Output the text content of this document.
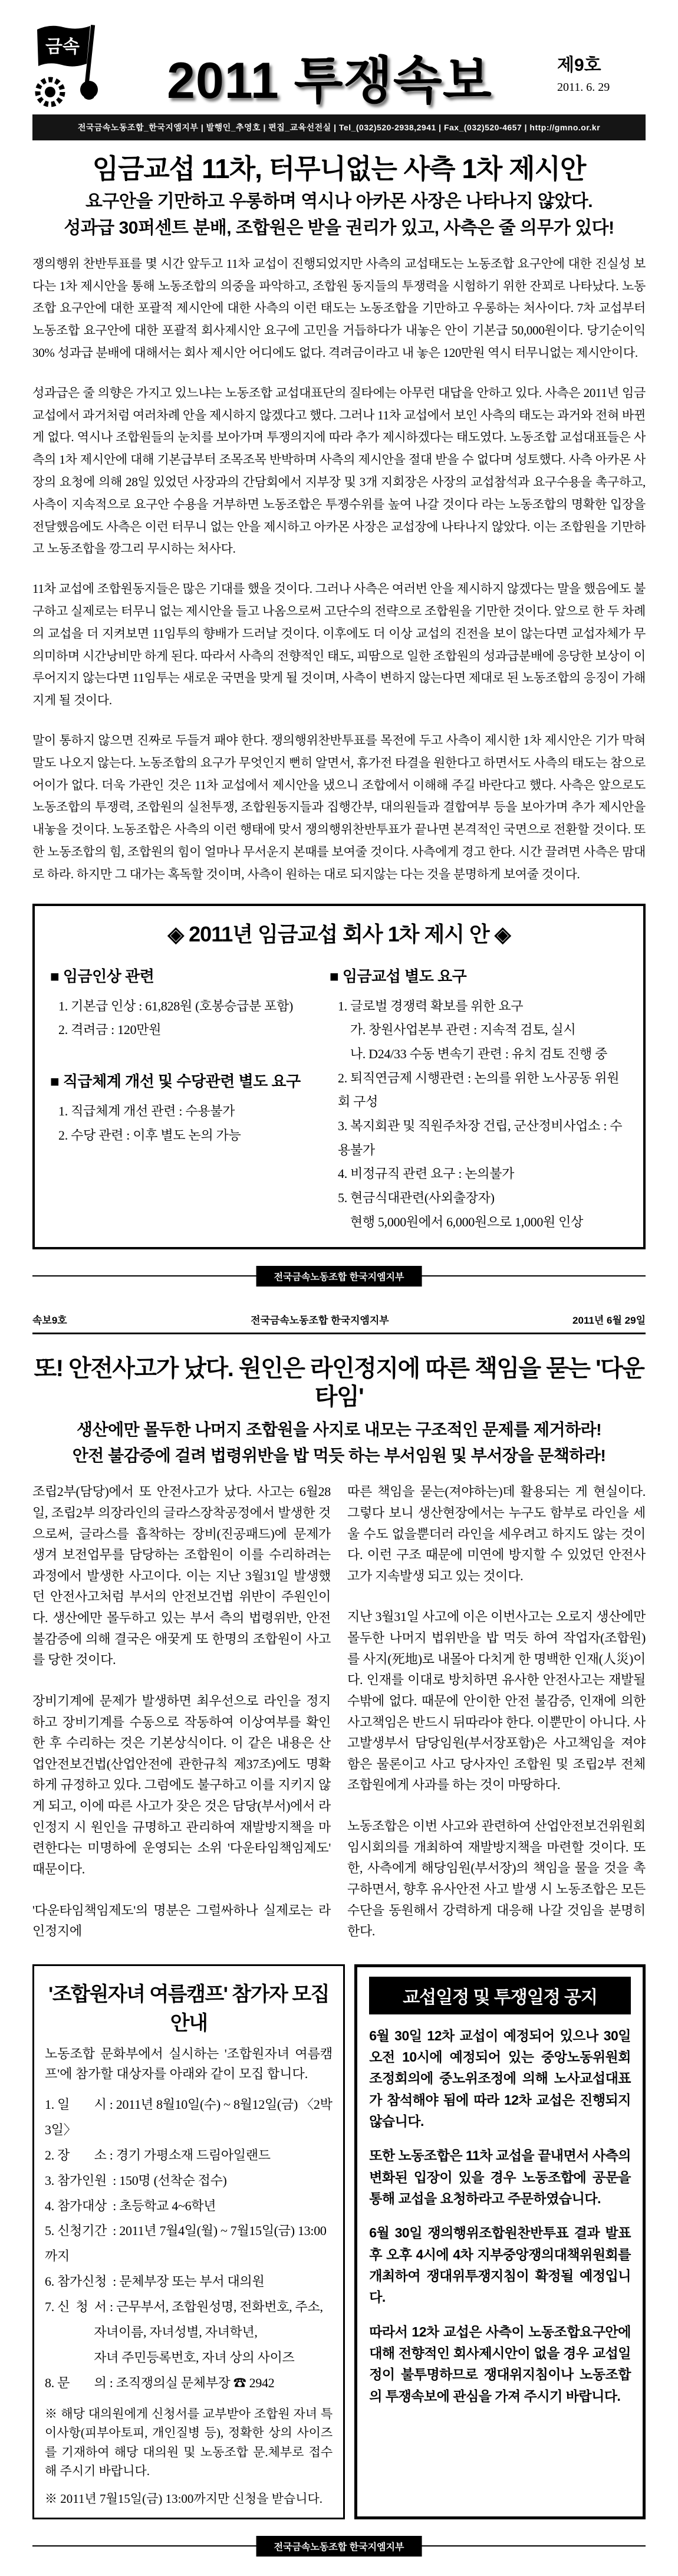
금속
2011 투쟁속보	제9호
2011. 6. 29
전국금속노동조합_한국지엠지부 | 발행인_추영호 | 편집_교육선전실 | Tel_(032)520-2938,2941 | Fax_(032)520-4657 | http://gmno.or.kr
임금교섭 11차, 터무니없는 사측 1차 제시안
요구안을 기만하고 우롱하며 역시나 아카몬 사장은 나타나지 않았다.
성과급 30퍼센트 분배, 조합원은 받을 권리가 있고, 사측은 줄 의무가 있다!
쟁의행위 찬반투표를 몇 시간 앞두고 11차 교섭이 진행되었지만 사측의 교섭태도는 노동조합 요구안에 대한 진실성 보다는 1차 제시안을 통해 노동조합의 의중을 파악하고, 조합원 동지들의 투쟁력을 시험하기 위한 잔꾀로 나타났다. 노동조합 요구안에 대한 포괄적 제시안에 대한 사측의 이런 태도는 노동조합을 기만하고 우롱하는 처사이다. 7차 교섭부터 노동조합 요구안에 대한 포괄적 회사제시안 요구에 고민을 거듭하다가 내놓은 안이 기본급 50,000원이다. 당기순이익 30% 성과급 분배에 대해서는 회사 제시안 어디에도 없다. 격려금이라고 내 놓은 120만원 역시 터무니없는 제시안이다.
성과급은 줄 의향은 가지고 있느냐는 노동조합 교섭대표단의 질타에는 아무런 대답을 안하고 있다. 사측은 2011년 임금교섭에서 과거처럼 여러차례 안을 제시하지 않겠다고 했다. 그러나 11차 교섭에서 보인 사측의 태도는 과거와 전혀 바뀐게 없다. 역시나 조합원들의 눈치를 보아가며 투쟁의지에 따라 추가 제시하겠다는 태도였다. 노동조합 교섭대표들은 사측의 1차 제시안에 대해 기본급부터 조목조목 반박하며 사측의 제시안을 절대 받을 수 없다며 성토했다. 사측 아카몬 사장의 요청에 의해 28일 있었던 사장과의 간담회에서 지부장 및 3개 지회장은 사장의 교섭참석과 요구수용을 촉구하고, 사측이 지속적으로 요구안 수용을 거부하면 노동조합은 투쟁수위를 높여 나갈 것이다 라는 노동조합의 명확한 입장을 전달했음에도 사측은 이런 터무니 없는 안을 제시하고 아카몬 사장은 교섭장에 나타나지 않았다. 이는 조합원을 기만하고 노동조합을 깡그리 무시하는 처사다.
11차 교섭에 조합원동지들은 많은 기대를 했을 것이다. 그러나 사측은 여러번 안을 제시하지 않겠다는 말을 했음에도 불구하고 실제로는 터무니 없는 제시안을 들고 나옴으로써 고단수의 전략으로 조합원을 기만한 것이다. 앞으로 한 두 차례의 교섭을 더 지켜보면 11임투의 향배가 드러날 것이다. 이후에도 더 이상 교섭의 진전을 보이 않는다면 교섭자체가 무의미하며 시간낭비만 하게 된다. 따라서 사측의 전향적인 태도, 피땀으로 일한 조합원의 성과급분배에 응당한 보상이 이루어지지 않는다면 11임투는 새로운 국면을 맞게 될 것이며, 사측이 변하지 않는다면 제대로 된 노동조합의 응징이 가해지게 될 것이다.
말이 통하지 않으면 진짜로 두들겨 패야 한다. 쟁의행위찬반투표를 목전에 두고 사측이 제시한 1차 제시안은 기가 막혀 말도 나오지 않는다. 노동조합의 요구가 무엇인지 뻔히 알면서, 휴가전 타결을 원한다고 하면서도 사측의 태도는 참으로 어이가 없다. 더욱 가관인 것은 11차 교섭에서 제시안을 냈으니 조합에서 이해해 주길 바란다고 했다. 사측은 앞으로도 노동조합의 투쟁력, 조합원의 실천투쟁, 조합원동지들과 집행간부, 대의원들과 결합여부 등을 보아가며 추가 제시안을 내놓을 것이다. 노동조합은 사측의 이런 행태에 맞서 쟁의행위찬반투표가 끝나면 본격적인 국면으로 전환할 것이다. 또한 노동조합의 힘, 조합원의 힘이 얼마나 무서운지 본때를 보여줄 것이다. 사측에게 경고 한다. 시간 끌려면 사측은 맘대로 하라. 하지만 그 대가는 혹독할 것이며, 사측이 원하는 대로 되지않는 다는 것을 분명하게 보여줄 것이다.
◈ 2011년 임금교섭 회사 1차 제시 안 ◈
■ 임금인상 관련
1. 기본급 인상 : 61,828원 (호봉승급분 포함)
2. 격려금 : 120만원
■ 직급체계 개선 및 수당관련 별도 요구
1. 직급체계 개선 관련 : 수용불가
2. 수당 관련 : 이후 별도 논의 가능
■ 임금교섭 별도 요구
1. 글로벌 경쟁력 확보를 위한 요구
가. 창원사업본부 관련 : 지속적 검토, 실시
나. D24/33 수동 변속기 관련 : 유치 검토 진행 중
2. 퇴직연금제 시행관련 : 논의를 위한 노사공동 위원회 구성
3. 복지회관 및 직원주차장 건립, 군산정비사업소 : 수용불가
4. 비정규직 관련 요구 : 논의불가
5. 현금식대관련(사외출장자)
현행 5,000원에서 6,000원으로 1,000원 인상
전국금속노동조합 한국지엠지부
속보9호	전국금속노동조합 한국지엠지부	2011년 6월 29일
또! 안전사고가 났다. 원인은 라인정지에 따른 책임을 묻는 '다운타임'
생산에만 몰두한 나머지 조합원을 사지로 내모는 구조적인 문제를 제거하라!
안전 불감증에 걸려 법령위반을 밥 먹듯 하는 부서임원 및 부서장을 문책하라!
조립2부(담당)에서 또 안전사고가 났다. 사고는 6월28일, 조립2부 의장라인의 글라스장착공정에서 발생한 것으로써, 글라스를 흡착하는 장비(진공패드)에 문제가 생겨 보전업무를 담당하는 조합원이 이를 수리하려는 과정에서 발생한 사고이다. 이는 지난 3월31일 발생했던 안전사고처럼 부서의 안전보건법 위반이 주원인이다. 생산에만 몰두하고 있는 부서 측의 법령위반, 안전 불감증에 의해 결국은 애꿎게 또 한명의 조합원이 사고를 당한 것이다.
장비기계에 문제가 발생하면 최우선으로 라인을 정지하고 장비기계를 수동으로 작동하여 이상여부를 확인한 후 수리하는 것은 기본상식이다. 이 같은 내용은 산업안전보건법(산업안전에 관한규칙 제37조)에도 명확하게 규정하고 있다. 그럼에도 불구하고 이를 지키지 않게 되고, 이에 따른 사고가 잦은 것은 담당(부서)에서 라인정지 시 원인을 규명하고 관리하여 재발방지책을 마련한다는 미명하에 운영되는 소위 '다운타임책임제도' 때문이다.
'다운타임책임제도'의 명분은 그럴싸하나 실제로는 라인정지에
따른 책임을 묻는(져야하는)데 활용되는 게 현실이다. 그렇다 보니 생산현장에서는 누구도 함부로 라인을 세울 수도 없을뿐더러 라인을 세우려고 하지도 않는 것이다. 이런 구조 때문에 미연에 방지할 수 있었던 안전사고가 지속발생 되고 있는 것이다.
지난 3월31일 사고에 이은 이번사고는 오로지 생산에만 몰두한 나머지 법위반을 밥 먹듯 하여 작업자(조합원)를 사지(死地)로 내몰아 다치게 한 명백한 인재(人災)이다. 인재를 이대로 방치하면 유사한 안전사고는 재발될 수밖에 없다. 때문에 안이한 안전 불감증, 인재에 의한 사고책임은 반드시 뒤따라야 한다. 이뿐만이 아니다. 사고발생부서 담당임원(부서장포함)은 사고책임을 져야함은 물론이고 사고 당사자인 조합원 및 조립2부 전체조합원에게 사과를 하는 것이 마땅하다.
노동조합은 이번 사고와 관련하여 산업안전보건위원회 임시회의를 개최하여 재발방지책을 마련할 것이다. 또한, 사측에게 해당임원(부서장)의 책임을 물을 것을 촉구하면서, 향후 유사안전 사고 발생 시 노동조합은 모든 수단을 동원해서 강력하게 대응해 나갈 것임을 분명히 한다.
'조합원자녀 여름캠프' 참가자 모집안내

노동조합 문화부에서 실시하는 '조합원자녀 여름캠프'에 참가할 대상자를 아래와 같이 모집 합니다.

1. 일        시 : 2011년 8월10일(수) ~ 8월12일(금) 〈2박 3일〉
2. 장        소 : 경기 가평소재 드림아일랜드
3. 참가인원  : 150명 (선착순 접수)
4. 참가대상  : 초등학교 4~6학년
5. 신청기간  : 2011년 7월4일(월) ~ 7월15일(금) 13:00까지
6. 참가신청  : 문체부장 또는 부서 대의원
7. 신  청  서 : 근무부서, 조합원성명, 전화번호, 주소,
자녀이름, 자녀성별, 자녀학년,
자녀 주민등록번호, 자녀 상의 사이즈
8. 문        의 : 조직쟁의실 문체부장 ☎ 2942
※ 해당 대의원에게 신청서를 교부받아 조합원 자녀 특이사항(피부아토피, 개인질병 등), 정확한 상의 사이즈를 기재하여 해당 대의원 및 노동조합 문.체부로 접수해 주시기 바랍니다.
※ 2011년 7월15일(금) 13:00까지만 신청을 받습니다.
교섭일정 및 투쟁일정 공지
6월 30일 12차 교섭이 예정되어 있으나 30일 오전 10시에 예정되어 있는 중앙노동위원회 조정회의에 중노위조정에 의해 노사교섭대표가 참석해야 됨에 따라 12차 교섭은 진행되지 않습니다.
또한 노동조합은 11차 교섭을 끝내면서 사측의 변화된 입장이 있을 경우 노동조합에 공문을 통해 교섭을 요청하라고 주문하였습니다.
6월 30일 쟁의행위조합원찬반투표 결과 발표 후 오후 4시에 4차 지부중앙쟁의대책위원회를 개최하여 쟁대위투쟁지침이 확정될 예정입니다.
따라서 12차 교섭은 사측이 노동조합요구안에 대해 전향적인 회사제시안이 없을 경우 교섭일정이 불투명하므로 쟁대위지침이나 노동조합의 투쟁속보에 관심을 가져 주시기 바랍니다.
전국금속노동조합 한국지엠지부
